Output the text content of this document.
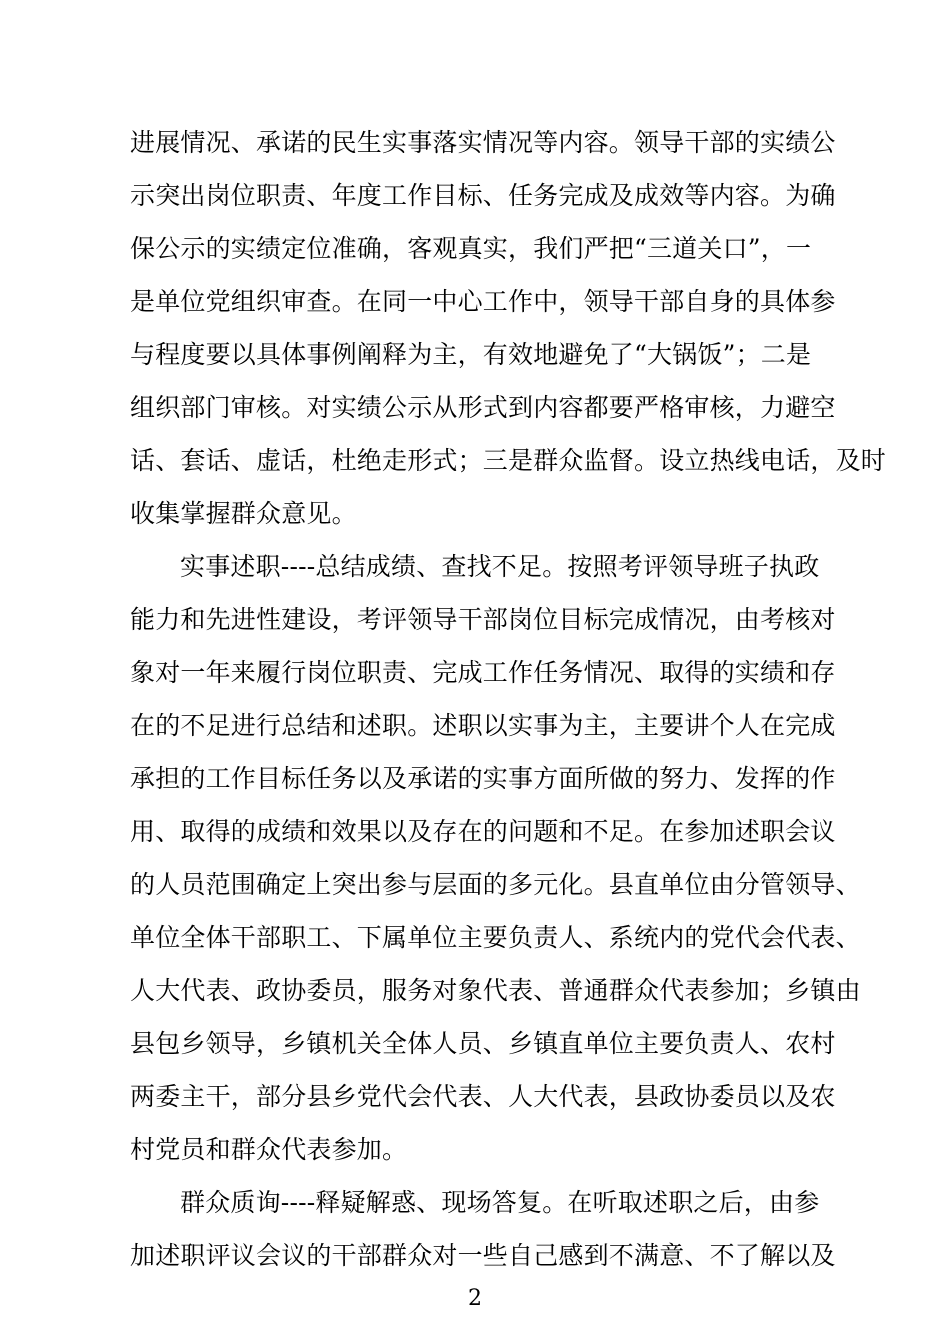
进展情况、承诺的民生实事落实情况等内容。领导干部的实绩公
示突出岗位职责、年度工作目标、任务完成及成效等内容。为确
保公示的实绩定位准确，客观真实，我们严把“三道关口”，一
是单位党组织审查。在同一中心工作中，领导干部自身的具体参
与程度要以具体事例阐释为主，有效地避免了“大锅饭”；二是
组织部门审核。对实绩公示从形式到内容都要严格审核，力避空
话、套话、虚话，杜绝走形式；三是群众监督。设立热线电话，及时
收集掌握群众意见。
实事述职----总结成绩、查找不足。按照考评领导班子执政
能力和先进性建设，考评领导干部岗位目标完成情况，由考核对
象对一年来履行岗位职责、完成工作任务情况、取得的实绩和存
在的不足进行总结和述职。述职以实事为主，主要讲个人在完成
承担的工作目标任务以及承诺的实事方面所做的努力、发挥的作
用、取得的成绩和效果以及存在的问题和不足。在参加述职会议
的人员范围确定上突出参与层面的多元化。县直单位由分管领导、
单位全体干部职工、下属单位主要负责人、系统内的党代会代表、
人大代表、政协委员，服务对象代表、普通群众代表参加；乡镇由
县包乡领导，乡镇机关全体人员、乡镇直单位主要负责人、农村
两委主干，部分县乡党代会代表、人大代表，县政协委员以及农
村党员和群众代表参加。
群众质询----释疑解惑、现场答复。在听取述职之后，由参
加述职评议会议的干部群众对一些自己感到不满意、不了解以及
2
